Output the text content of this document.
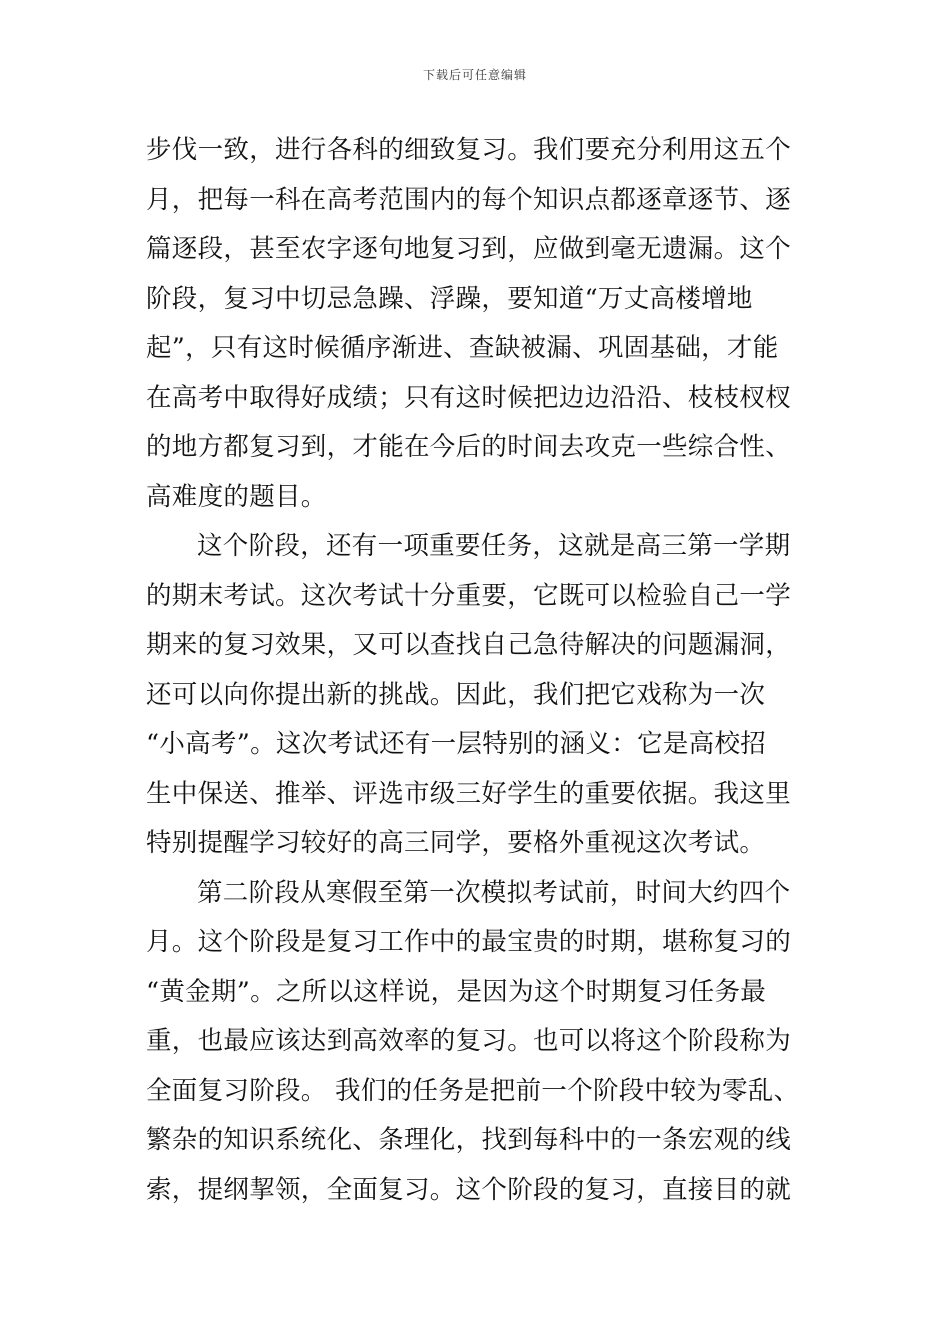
下载后可任意编辑
步伐一致，进行各科的细致复习。我们要充分利用这五个
月，把每一科在高考范围内的每个知识点都逐章逐节、逐
篇逐段，甚至农字逐句地复习到，应做到毫无遗漏。这个
阶段，复习中切忌急躁、浮躁，要知道“万丈高楼增地
起”，只有这时候循序渐进、查缺被漏、巩固基础，才能
在高考中取得好成绩；只有这时候把边边沿沿、枝枝杈杈
的地方都复习到，才能在今后的时间去攻克一些综合性、
高难度的题目。
这个阶段，还有一项重要任务，这就是高三第一学期
的期末考试。这次考试十分重要，它既可以检验自己一学
期来的复习效果，又可以查找自己急待解决的问题漏洞，
还可以向你提出新的挑战。因此，我们把它戏称为一次
“小高考”。这次考试还有一层特别的涵义：它是高校招
生中保送、推举、评选市级三好学生的重要依据。我这里
特别提醒学习较好的高三同学，要格外重视这次考试。
第二阶段从寒假至第一次模拟考试前，时间大约四个
月。这个阶段是复习工作中的最宝贵的时期，堪称复习的
“黄金期”。之所以这样说，是因为这个时期复习任务最
重，也最应该达到高效率的复习。也可以将这个阶段称为
全面复习阶段。 我们的任务是把前一个阶段中较为零乱、
繁杂的知识系统化、条理化，找到每科中的一条宏观的线
索，提纲挈领，全面复习。这个阶段的复习，直接目的就
